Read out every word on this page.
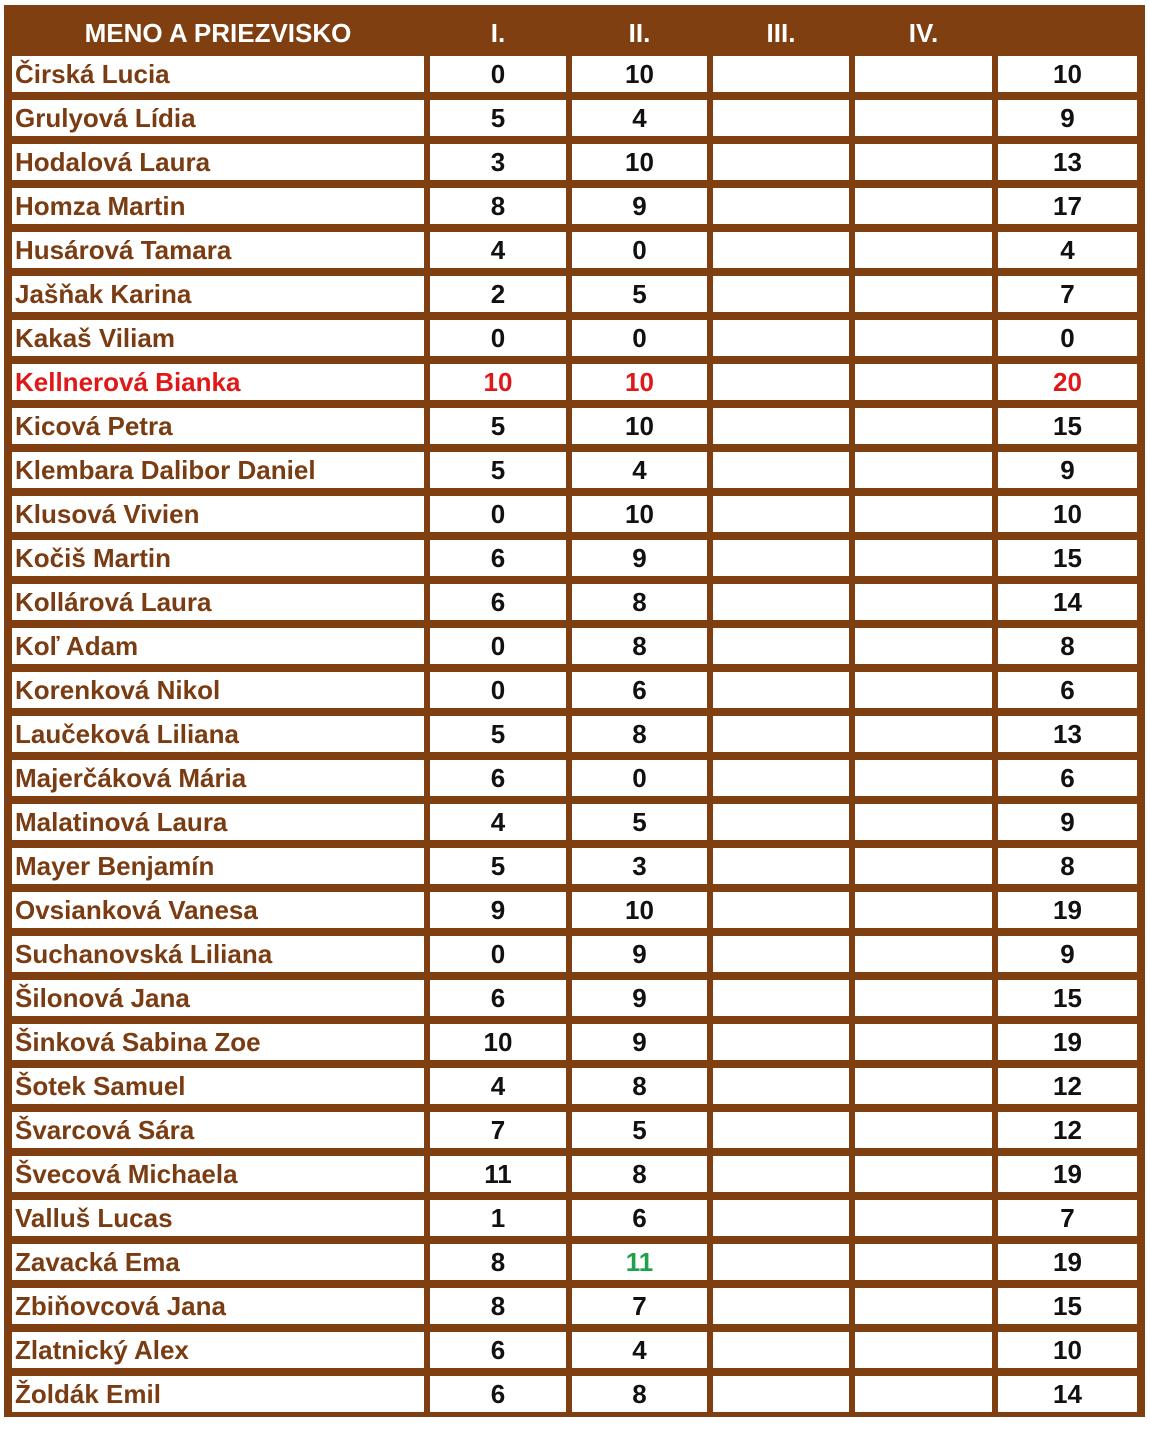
MENO A PRIEZVISKO	I.	II.	III.	IV.	
Čirská Lucia	0	10			10
Grulyová Lídia	5	4			9
Hodalová Laura	3	10			13
Homza Martin	8	9			17
Husárová Tamara	4	0			4
Jašňak Karina	2	5			7
Kakaš Viliam	0	0			0
Kellnerová Bianka	10	10			20
Kicová Petra	5	10			15
Klembara Dalibor Daniel	5	4			9
Klusová Vivien	0	10			10
Kočiš Martin	6	9			15
Kollárová Laura	6	8			14
Koľ Adam	0	8			8
Korenková Nikol	0	6			6
Laučeková Liliana	5	8			13
Majerčáková Mária	6	0			6
Malatinová Laura	4	5			9
Mayer Benjamín	5	3			8
Ovsianková Vanesa	9	10			19
Suchanovská Liliana	0	9			9
Šilonová Jana	6	9			15
Šinková Sabina Zoe	10	9			19
Šotek Samuel	4	8			12
Švarcová Sára	7	5			12
Švecová Michaela	11	8			19
Valluš Lucas	1	6			7
Zavacká Ema	8	11			19
Zbiňovcová Jana	8	7			15
Zlatnický Alex	6	4			10
Žoldák Emil	6	8			14
